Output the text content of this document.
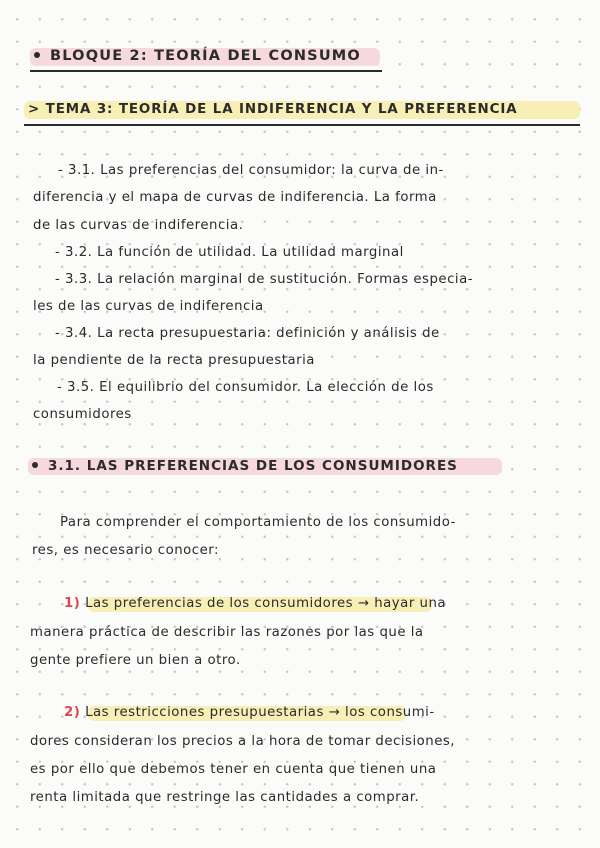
BLOQUE 2: TEORÍA DEL CONSUMO
> TEMA 3: TEORÍA DE LA INDIFERENCIA Y LA PREFERENCIA
- 3.1. Las preferencias del consumidor: la curva de in-
diferencia y el mapa de curvas de indiferencia. La forma
de las curvas de indiferencia.
- 3.2. La función de utilidad. La utilidad marginal
- 3.3. La relación marginal de sustitución. Formas especia-
les de las curvas de indiferencia
- 3.4. La recta presupuestaria: definición y análisis de
la pendiente de la recta presupuestaria
- 3.5. El equilibrio del consumidor. La elección de los
consumidores
3.1. LAS PREFERENCIAS DE LOS CONSUMIDORES
Para comprender el comportamiento de los consumido-
res, es necesario conocer:
1) Las preferencias de los consumidores → hayar una
manera práctica de describir las razones por las que la
gente prefiere un bien a otro.
2) Las restricciones presupuestarias → los consumi-
dores consideran los precios a la hora de tomar decisiones,
es por ello que debemos tener en cuenta que tienen una
renta limitada que restringe las cantidades a comprar.
